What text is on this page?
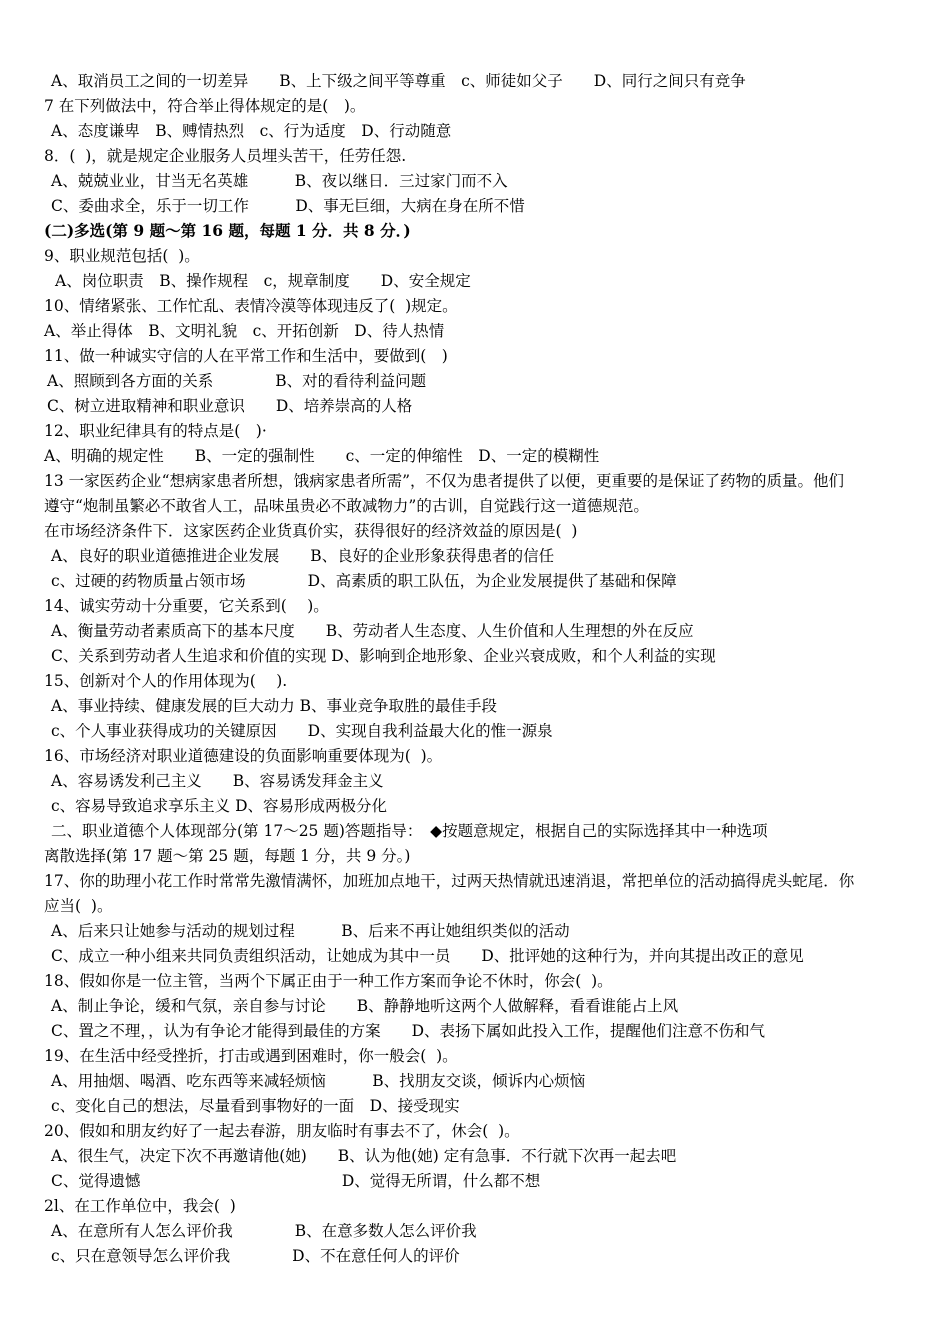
A、取消员工之间的一切差异　　B、上下级之间平等尊重　c、师徒如父子　　D、同行之间只有竞争
7 在下列做法中，符合举止得体规定的是(　)。
A、态度谦卑　B、赙情热烈　c、行为适度　D、行动随意
8．(  )，就是规定企业服务人员埋头苦干，任劳任怨.
A、兢兢业业，甘当无名英雄　　　B、夜以继日．三过家门而不入
C、委曲求全，乐于一切工作　　　D、事无巨细，大病在身在所不惜
(二)多选(第 9 题～第 16 题，每题 1 分．共 8 分．)
9、职业规范包括(  )。
A、岗位职责　B、操作规程　c，规章制度　　D、安全规定
10、情绪紧张、工作忙乱、表情冷漠等体现违反了(  )规定。
A、举止得体　B、文明礼貌　c、开拓创新　D、待人热情
11、做一种诚实守信的人在平常工作和生活中，要做到(　)
A、照顾到各方面的关系　　　　B、对的看待利益问题
C、树立进取精神和职业意识　　D、培养崇高的人格
12、职业纪律具有的特点是(　)·
A、明确的规定性　　B、一定的强制性　　c、一定的伸缩性　D、一定的模糊性
13 一家医药企业“想病家患者所想，饿病家患者所需”，不仅为患者提供了以便，更重要的是保证了药物的质量。他们
遵守“炮制虽繁必不敢省人工，品味虽贵必不敢减物力”的古训，自觉践行这一道德规范。
在市场经济条件下．这家医药企业货真价实，获得很好的经济效益的原因是(  )
A、良好的职业道德推进企业发展　　B、良好的企业形象获得患者的信任
c、过硬的药物质量占领市场　　　　D、高素质的职工队伍，为企业发展提供了基础和保障
14、诚实劳动十分重要，它关系到(　 )。
A、衡量劳动者素质高下的基本尺度　　B、劳动者人生态度、人生价值和人生理想的外在反应
C、关系到劳动者人生追求和价值的实现 D、影响到企地形象、企业兴衰成败，和个人利益的实现
15、创新对个人的作用体现为(　 ).
A、事业持续、健康发展的巨大动力 B、事业竞争取胜的最佳手段
c、个人事业获得成功的关键原因　　D、实现自我利益最大化的惟一源泉
16、市场经济对职业道德建设的负面影响重要体现为(  )。
A、容易诱发利己主义　　B、容易诱发拜金主义
c、容易导致追求享乐主义 D、容易形成两极分化
二、职业道德个人体现部分(第 17～25 题)答题指导：　◆按题意规定，根据自己的实际选择其中一种选项
离散选择(第 17 题～第 25 题，每题 1 分，共 9 分。)
17、你的助理小花工作时常常先激情满怀，加班加点地干，过两天热情就迅速消退，常把单位的活动搞得虎头蛇尾．你
应当(  )。
A、后来只让她参与活动的规划过程　　　B、后来不再让她组织类似的活动
C、成立一种小组来共同负责组织活动，让她成为其中一员　　D、批评她的这种行为，并向其提出改正的意见
18、假如你是一位主管，当两个下属正由于一种工作方案而争论不休时，你会(  )。
A、制止争论，缓和气氛，亲自参与讨论　　B、静静地听这两个人做解释，看看谁能占上风
C、置之不理，，认为有争论才能得到最佳的方案　　D、表扬下属如此投入工作，提醒他们注意不伤和气
19、在生活中经受挫折，打击或遇到困难时，你一般会(  )。
A、用抽烟、喝酒、吃东西等来减轻烦恼　　　B、找朋友交谈，倾诉内心烦恼
c、变化自己的想法，尽量看到事物好的一面　D、接受现实
20、假如和朋友约好了一起去春游，朋友临时有事去不了，休会(  )。
A、很生气，决定下次不再邀请他(她)　　B、认为他(她) 定有急事．不行就下次再一起去吧
C、觉得遗憾　　　　　　　　　　　　　D、觉得无所谓，什么都不想
2l、在工作单位中，我会(  )
A、在意所有人怎么评价我　　　　B、在意多数人怎么评价我
c、只在意领导怎么评价我　　　　D、不在意任何人的评价
